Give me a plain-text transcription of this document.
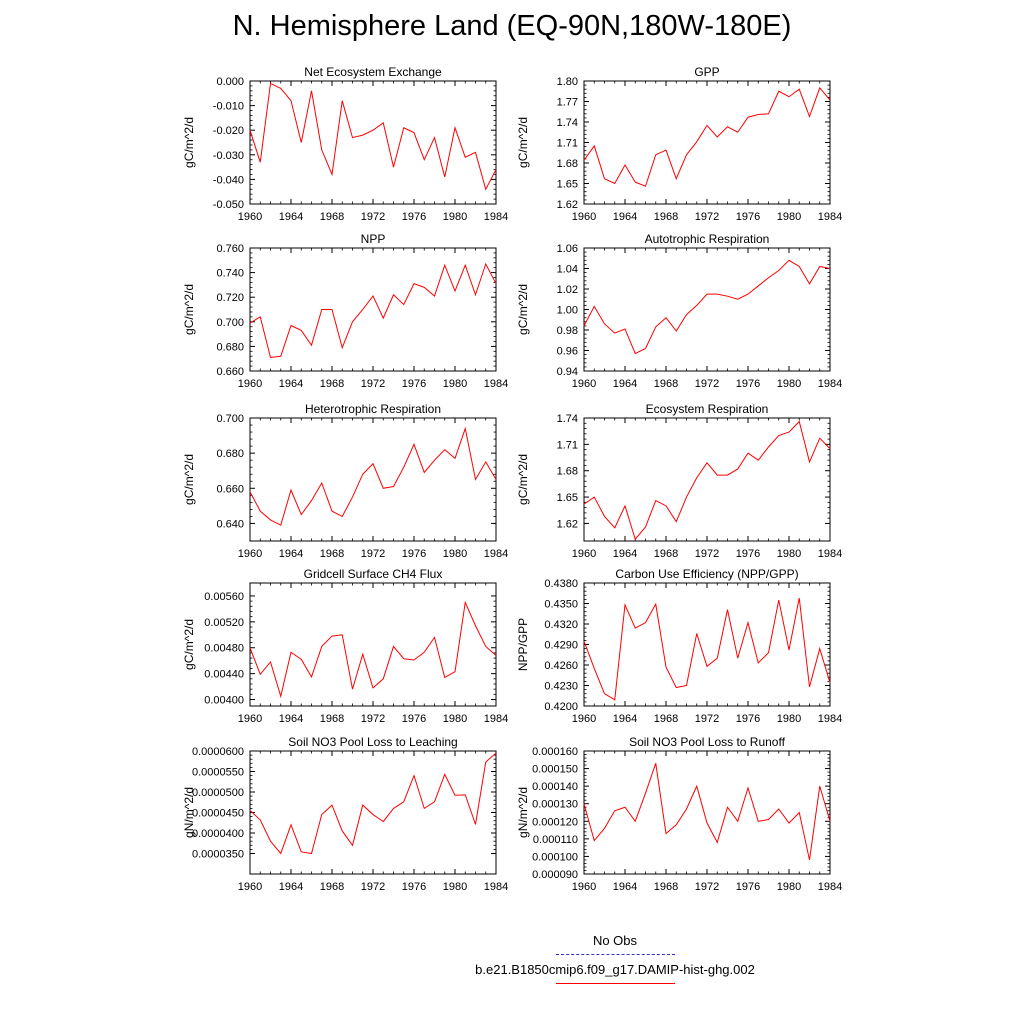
N. Hemisphere Land (EQ-90N,180W-180E)
Net Ecosystem Exchange
gC/m^2/d
1960 1964 1968 1972 1976 1980 1984
-0.050
-0.040
-0.030
-0.020
-0.010
0.000
GPP
gC/m^2/d
1960 1964 1968 1972 1976 1980 1984
1.62
1.65
1.68
1.71
1.74
1.77
1.80
NPP
gC/m^2/d
1960 1964 1968 1972 1976 1980 1984
0.660
0.680
0.700
0.720
0.740
0.760
Autotrophic Respiration
gC/m^2/d
1960 1964 1968 1972 1976 1980 1984
0.94
0.96
0.98
1.00
1.02
1.04
1.06
Heterotrophic Respiration
gC/m^2/d
1960 1964 1968 1972 1976 1980 1984
0.640
0.660
0.680
0.700
Ecosystem Respiration
gC/m^2/d
1960 1964 1968 1972 1976 1980 1984
1.62
1.65
1.68
1.71
1.74
Gridcell Surface CH4 Flux
gC/m^2/d
1960 1964 1968 1972 1976 1980 1984
0.00400
0.00440
0.00480
0.00520
0.00560
Carbon Use Efficiency (NPP/GPP)
NPP/GPP
1960 1964 1968 1972 1976 1980 1984
0.4200
0.4230
0.4260
0.4290
0.4320
0.4350
0.4380
Soil NO3 Pool Loss to Leaching
gN/m^2/d
1960 1964 1968 1972 1976 1980 1984
0.0000350
0.0000400
0.0000450
0.0000500
0.0000550
0.0000600
Soil NO3 Pool Loss to Runoff
gN/m^2/d
1960 1964 1968 1972 1976 1980 1984
0.000090
0.000100
0.000110
0.000120
0.000130
0.000140
0.000150
0.000160
No Obs
b.e21.B1850cmip6.f09_g17.DAMIP-hist-ghg.002
